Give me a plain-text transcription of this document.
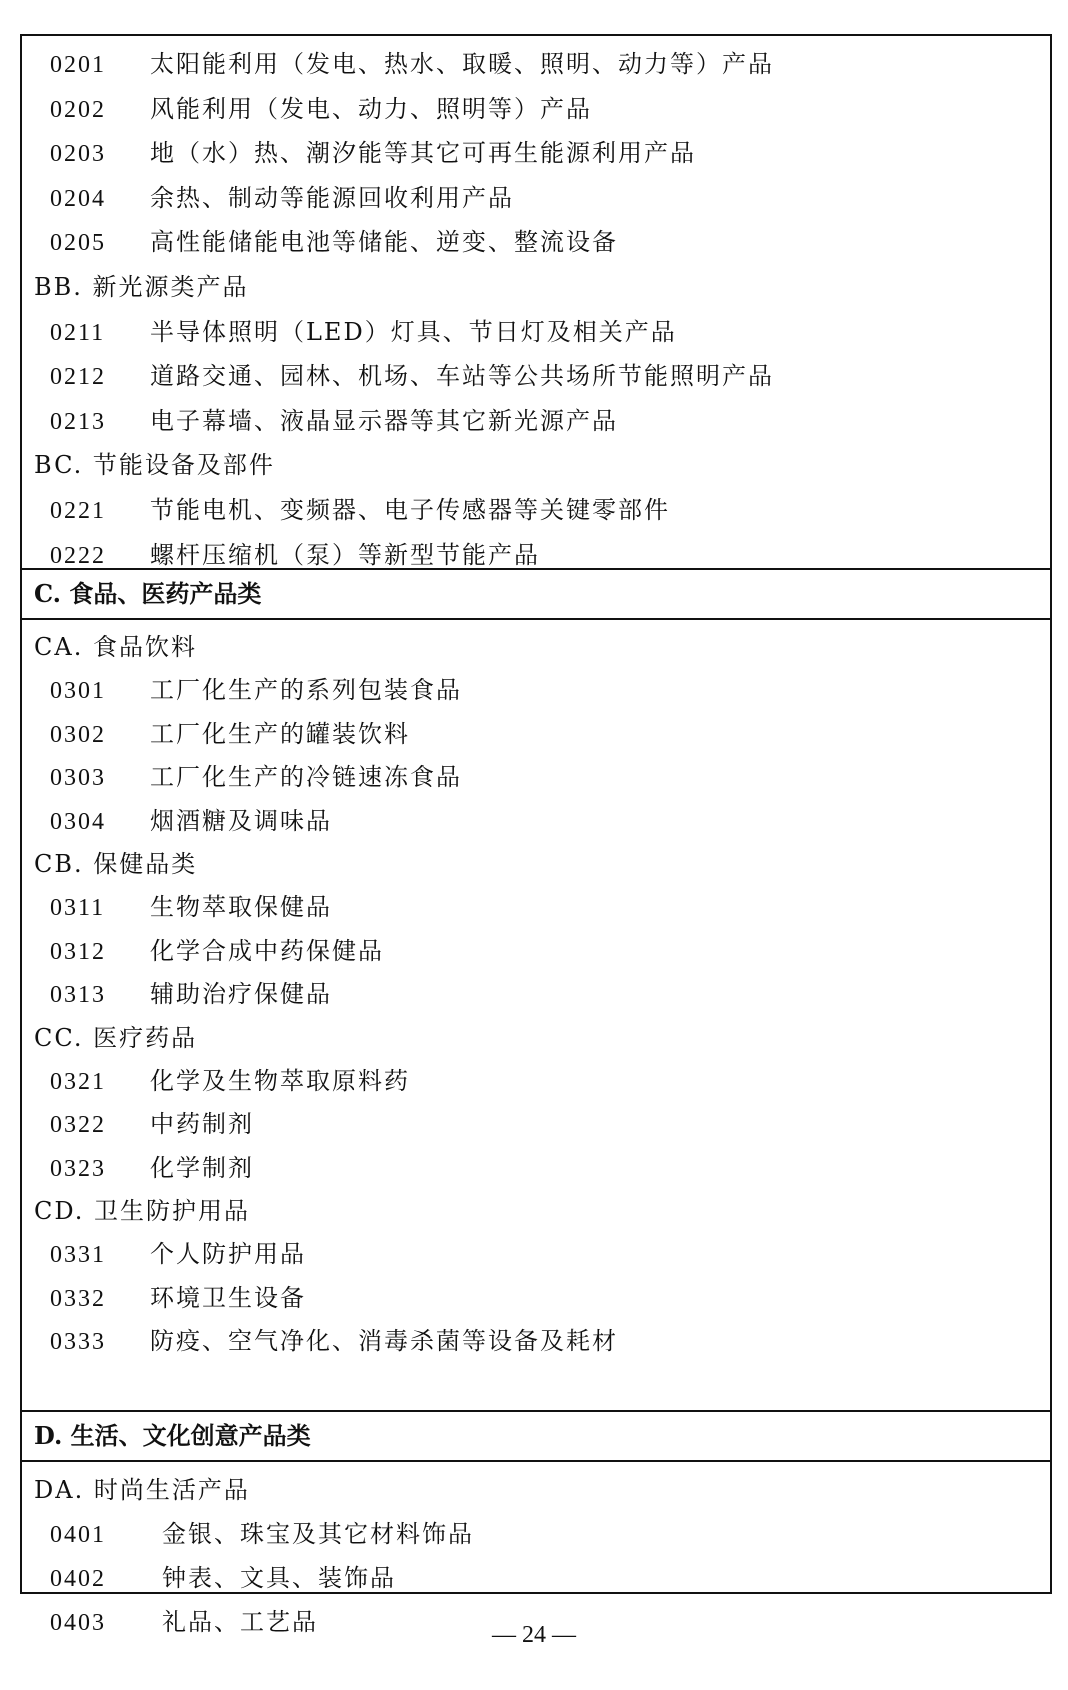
0201 太阳能利用（发电、热水、取暖、照明、动力等）产品
0202 风能利用（发电、动力、照明等）产品
0203 地（水）热、潮汐能等其它可再生能源利用产品
0204 余热、制动等能源回收利用产品
0205 高性能储能电池等储能、逆变、整流设备
BB. 新光源类产品
0211 半导体照明（LED）灯具、节日灯及相关产品
0212 道路交通、园林、机场、车站等公共场所节能照明产品
0213 电子幕墙、液晶显示器等其它新光源产品
BC. 节能设备及部件
0221 节能电机、变频器、电子传感器等关键零部件
0222 螺杆压缩机（泵）等新型节能产品
C. 食品、医药产品类
CA. 食品饮料
0301 工厂化生产的系列包装食品
0302 工厂化生产的罐装饮料
0303 工厂化生产的冷链速冻食品
0304 烟酒糖及调味品
CB. 保健品类
0311 生物萃取保健品
0312 化学合成中药保健品
0313 辅助治疗保健品
CC. 医疗药品
0321 化学及生物萃取原料药
0322 中药制剂
0323 化学制剂
CD. 卫生防护用品
0331 个人防护用品
0332 环境卫生设备
0333 防疫、空气净化、消毒杀菌等设备及耗材
D. 生活、文化创意产品类
DA. 时尚生活产品
0401 金银、珠宝及其它材料饰品
0402 钟表、文具、装饰品
0403 礼品、工艺品	— 24 —
